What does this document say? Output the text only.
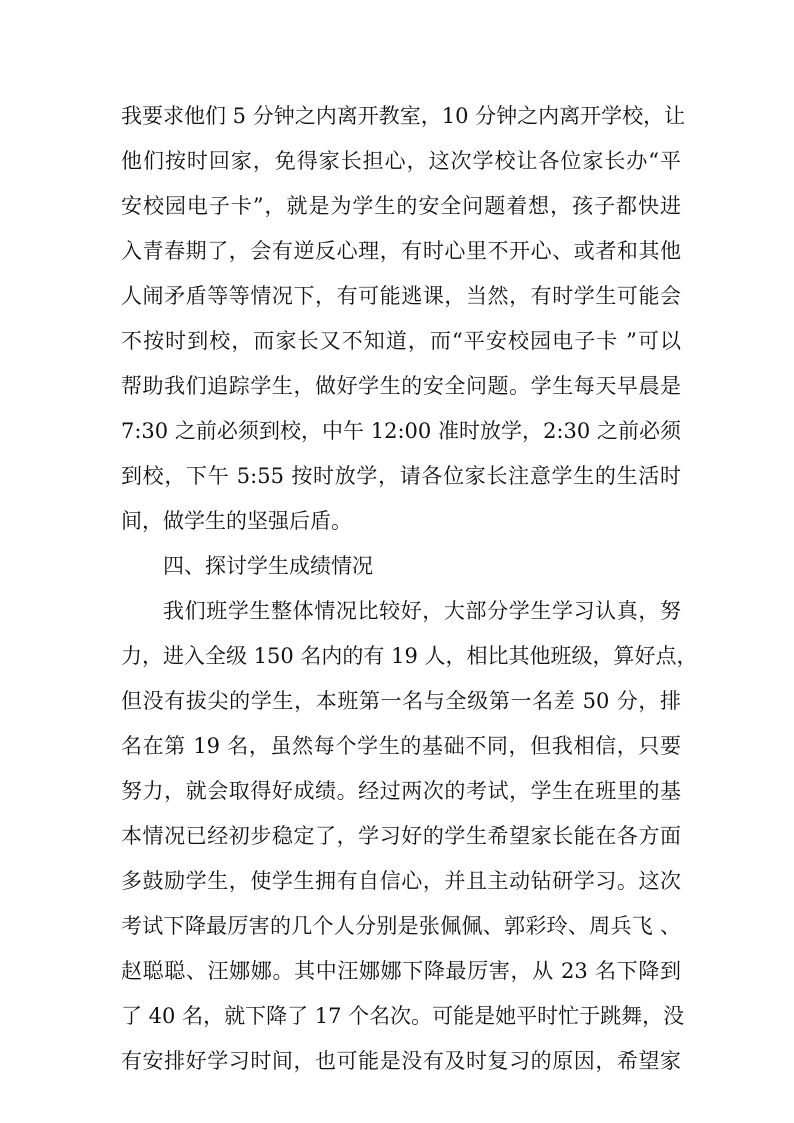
我要求他们 5 分钟之内离开教室，10 分钟之内离开学校，让
他们按时回家，免得家长担心，这次学校让各位家长办“平
安校园电子卡”，就是为学生的安全问题着想，孩子都快进
入青春期了，会有逆反心理，有时心里不开心、或者和其他
人闹矛盾等等情况下，有可能逃课，当然，有时学生可能会
不按时到校，而家长又不知道，而“平安校园电子卡 ”可以
帮助我们追踪学生，做好学生的安全问题。学生每天早晨是
7:30 之前必须到校，中午 12:00 准时放学，2:30 之前必须
到校，下午 5:55 按时放学，请各位家长注意学生的生活时
间，做学生的坚强后盾。
四、探讨学生成绩情况
我们班学生整体情况比较好，大部分学生学习认真，努
力，进入全级 150 名内的有 19 人，相比其他班级，算好点，
但没有拔尖的学生，本班第一名与全级第一名差 50 分，排
名在第 19 名，虽然每个学生的基础不同，但我相信，只要
努力，就会取得好成绩。经过两次的考试，学生在班里的基
本情况已经初步稳定了，学习好的学生希望家长能在各方面
多鼓励学生，使学生拥有自信心，并且主动钻研学习。这次
考试下降最厉害的几个人分别是张佩佩、郭彩玲、周兵飞 、
赵聪聪、汪娜娜。其中汪娜娜下降最厉害，从 23 名下降到
了 40 名，就下降了 17 个名次。可能是她平时忙于跳舞，没
有安排好学习时间，也可能是没有及时复习的原因，希望家
